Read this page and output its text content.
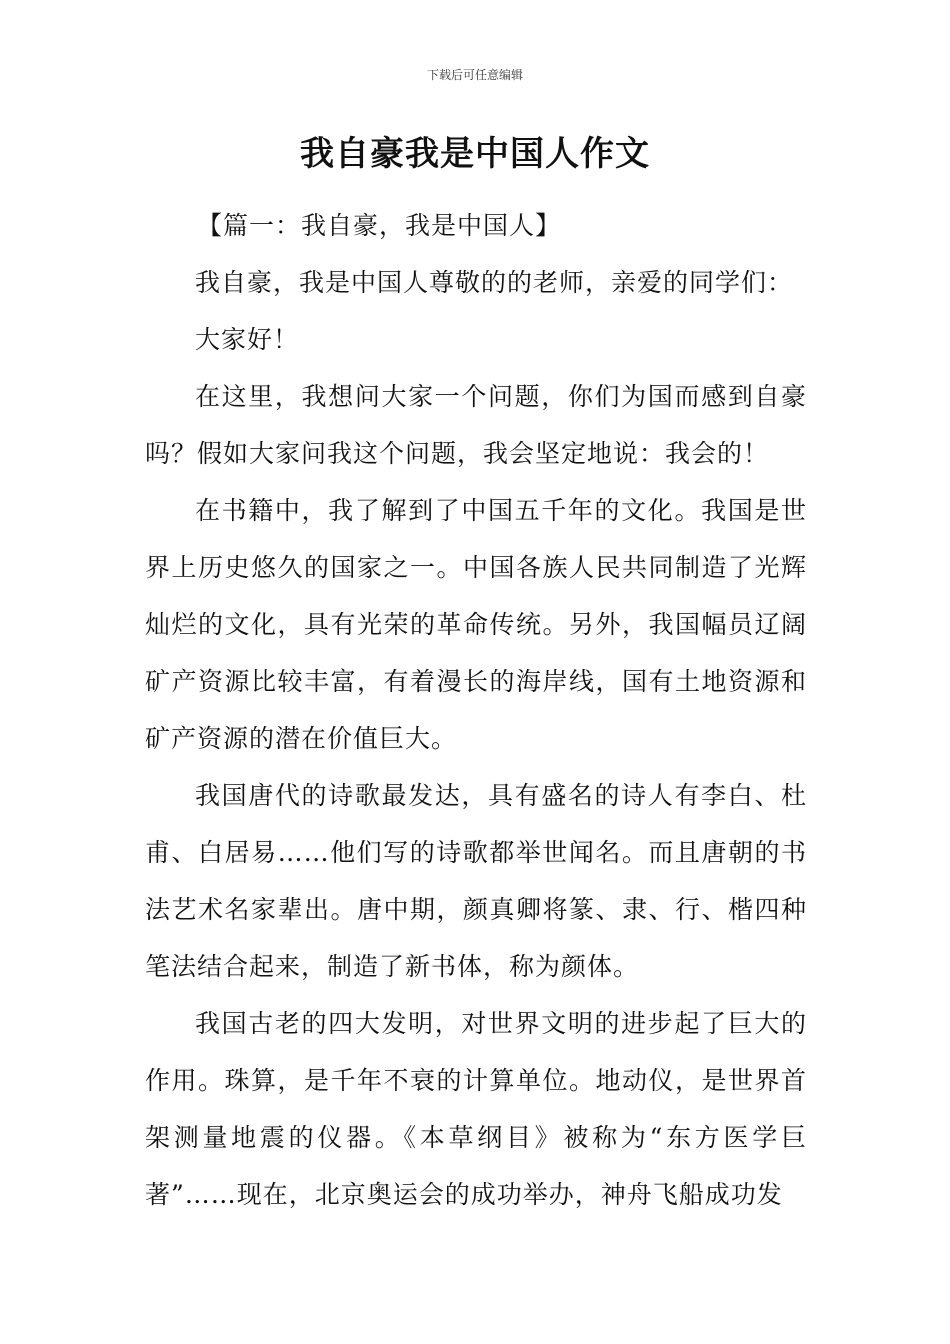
下载后可任意编辑
我自豪我是中国人作文

【篇一：我自豪，我是中国人】

我自豪，我是中国人尊敬的的老师，亲爱的同学们：

大家好！

在这里，我想问大家一个问题，你们为国而感到自豪吗？假如大家问我这个问题，我会坚定地说：我会的！

在书籍中，我了解到了中国五千年的文化。我国是世界上历史悠久的国家之一。中国各族人民共同制造了光辉灿烂的文化，具有光荣的革命传统。另外，我国幅员辽阔矿产资源比较丰富，有着漫长的海岸线，国有土地资源和矿产资源的潜在价值巨大。

我国唐代的诗歌最发达，具有盛名的诗人有李白、杜甫、白居易……他们写的诗歌都举世闻名。而且唐朝的书法艺术名家辈出。唐中期，颜真卿将篆、隶、行、楷四种笔法结合起来，制造了新书体，称为颜体。

我国古老的四大发明，对世界文明的进步起了巨大的作用。珠算，是千年不衰的计算单位。地动仪，是世界首架测量地震的仪器。《本草纲目》被称为“东方医学巨著”……现在，北京奥运会的成功举办，神舟飞船成功发
